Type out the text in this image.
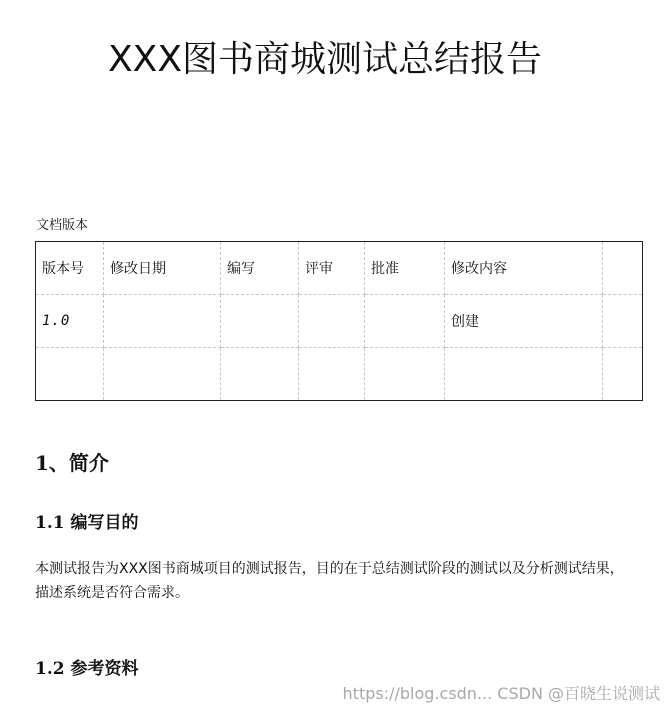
XXX图书商城测试总结报告
文档版本
版本号	修改日期	编写	评审	批准	修改内容	
1.0					创建	

1、简介
1.1 编写目的
本测试报告为XXX图书商城项目的测试报告，目的在于总结测试阶段的测试以及分析测试结果，描述系统是否符合需求。
1.2 参考资料
https://blog.csdn... CSDN @百晓生说测试
